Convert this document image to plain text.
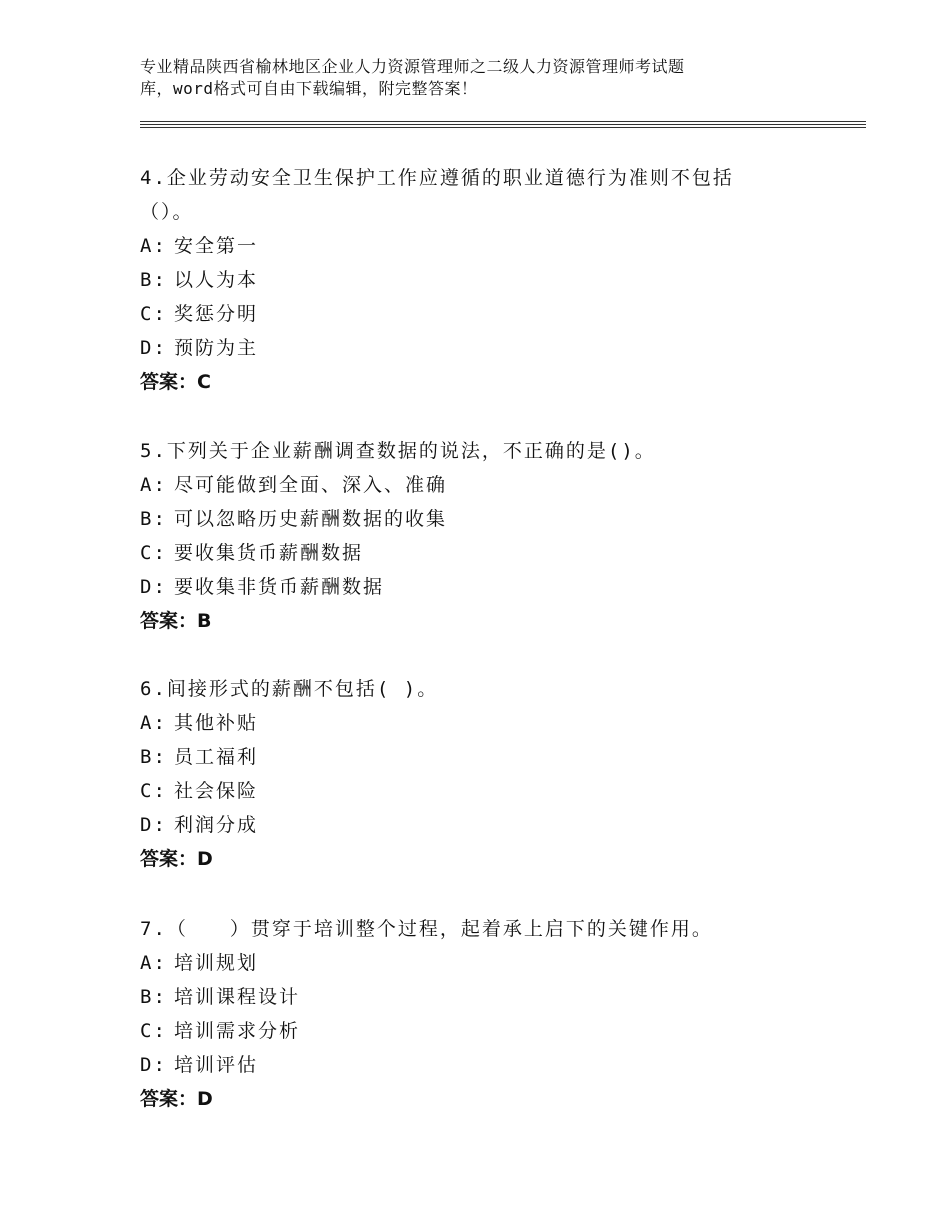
专业精品陕西省榆林地区企业人力资源管理师之二级人力资源管理师考试题
库，word格式可自由下载编辑，附完整答案！

4.企业劳动安全卫生保护工作应遵循的职业道德行为准则不包括

（）。

A: 安全第一

B: 以人为本

C: 奖惩分明

D: 预防为主

答案：C

5.下列关于企业薪酬调查数据的说法，不正确的是()。

A: 尽可能做到全面、深入、准确

B: 可以忽略历史薪酬数据的收集

C: 要收集货币薪酬数据

D: 要收集非货币薪酬数据

答案：B

6.间接形式的薪酬不包括( )。

A: 其他补贴

B: 员工福利

C: 社会保险

D: 利润分成

答案：D

7.（　　）贯穿于培训整个过程，起着承上启下的关键作用。

A: 培训规划

B: 培训课程设计

C: 培训需求分析

D: 培训评估

答案：D
